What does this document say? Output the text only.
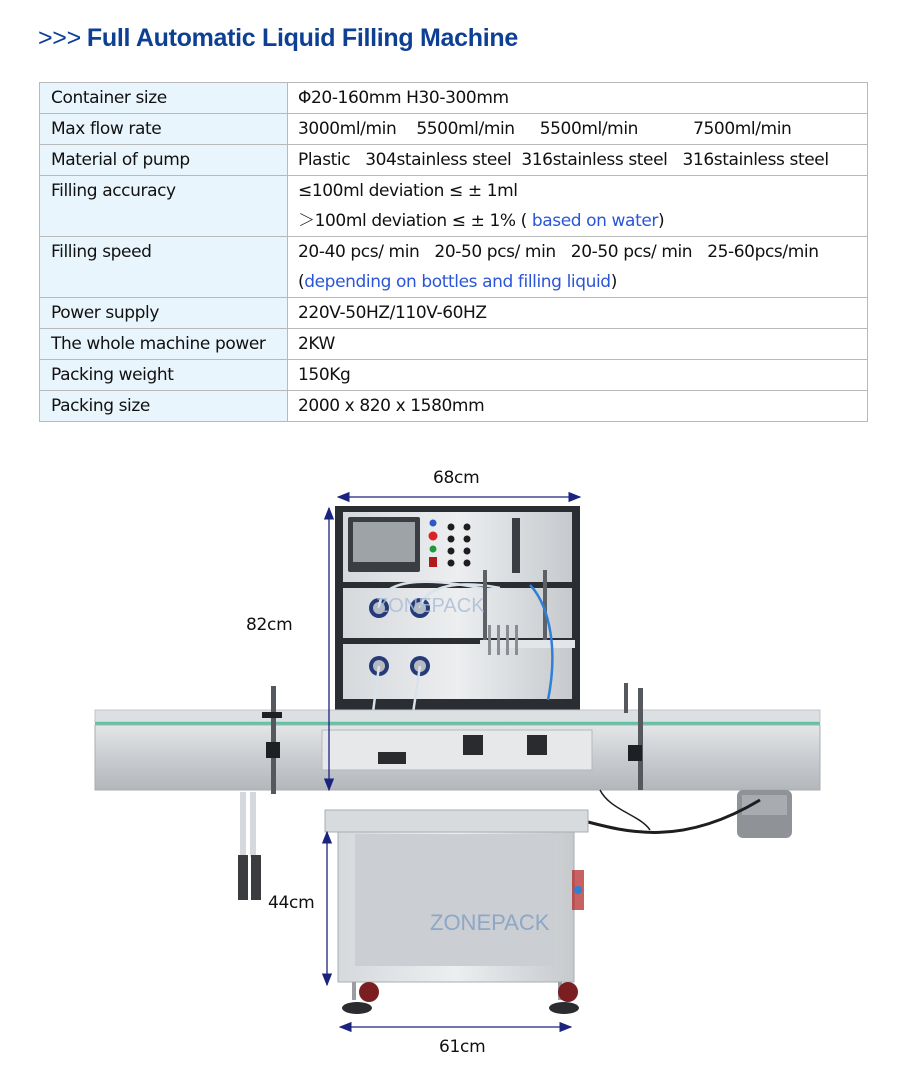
>>> Full Automatic Liquid Filling Machine
Container size	Φ20-160mm H30-300mm

Max flow rate	3000ml/min    5500ml/min     5500ml/min           7500ml/min

Material of pump	Plastic   304stainless steel  316stainless steel   316stainless steel

Filling accuracy	≤100ml deviation ≤ ± 1ml
＞100ml deviation ≤ ± 1% ( based on water)

Filling speed	20-40 pcs/ min   20-50 pcs/ min   20-50 pcs/ min   25-60pcs/min
(depending on bottles and filling liquid)

Power supply	220V-50HZ/110V-60HZ

The whole machine power	2KW

Packing weight	150Kg

Packing size	2000 x 820 x 1580mm
ZONEPACK
ZONEPACK
68cm
82cm
44cm
61cm
